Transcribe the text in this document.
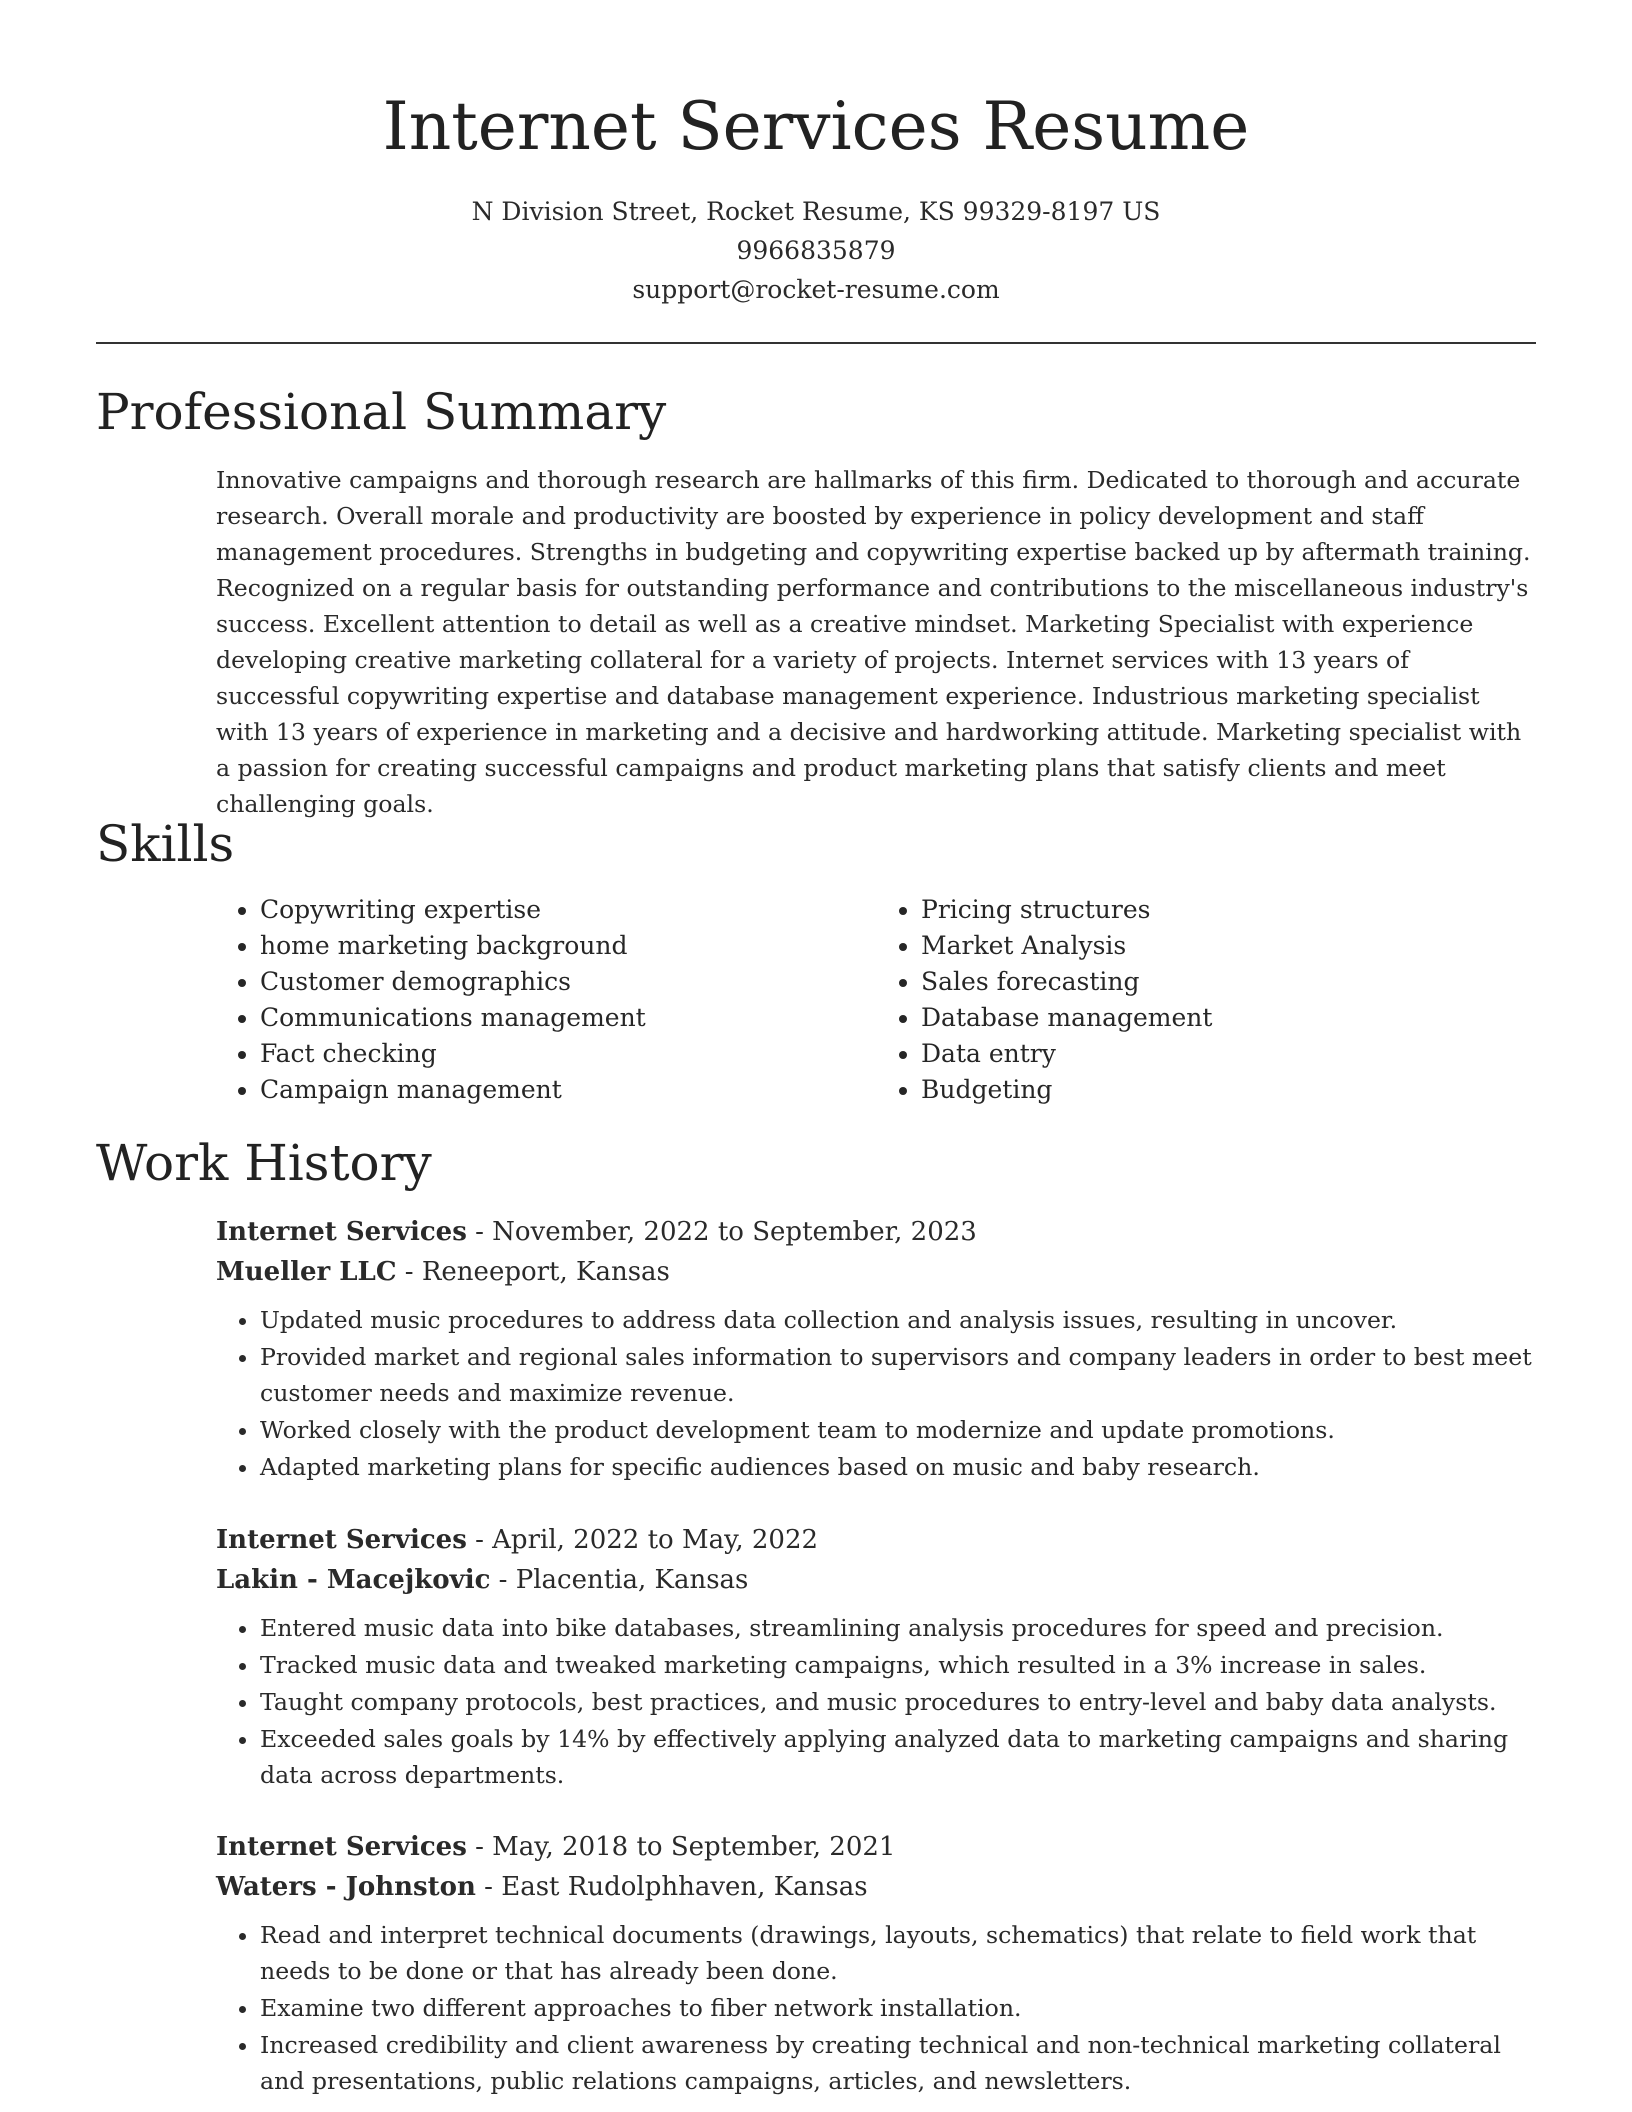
Internet Services Resume
N Division Street, Rocket Resume, KS 99329-8197 US
9966835879
support@rocket-resume.com
Professional Summary

Innovative campaigns and thorough research are hallmarks of this firm. Dedicated to thorough and accurate research. Overall morale and productivity are boosted by experience in policy development and staff management procedures. Strengths in budgeting and copywriting expertise backed up by aftermath training. Recognized on a regular basis for outstanding performance and contributions to the miscellaneous industry's success. Excellent attention to detail as well as a creative mindset. Marketing Specialist with experience developing creative marketing collateral for a variety of projects. Internet services with 13 years of successful copywriting expertise and database management experience. Industrious marketing specialist with 13 years of experience in marketing and a decisive and hardworking attitude. Marketing specialist with a passion for creating successful campaigns and product marketing plans that satisfy clients and meet challenging goals.

Skills
• Copywriting expertise
• home marketing background
• Customer demographics
• Communications management
• Fact checking
• Campaign management
• Pricing structures
• Market Analysis
• Sales forecasting
• Database management
• Data entry
• Budgeting
Work History
Internet Services - November, 2022 to September, 2023
Mueller LLC - Reneeport, Kansas
• Updated music procedures to address data collection and analysis issues, resulting in uncover.
• Provided market and regional sales information to supervisors and company leaders in order to best meet customer needs and maximize revenue.
• Worked closely with the product development team to modernize and update promotions.
• Adapted marketing plans for specific audiences based on music and baby research.
Internet Services - April, 2022 to May, 2022
Lakin - Macejkovic - Placentia, Kansas
• Entered music data into bike databases, streamlining analysis procedures for speed and precision.
• Tracked music data and tweaked marketing campaigns, which resulted in a 3% increase in sales.
• Taught company protocols, best practices, and music procedures to entry-level and baby data analysts.
• Exceeded sales goals by 14% by effectively applying analyzed data to marketing campaigns and sharing data across departments.
Internet Services - May, 2018 to September, 2021
Waters - Johnston - East Rudolphhaven, Kansas
• Read and interpret technical documents (drawings, layouts, schematics) that relate to field work that needs to be done or that has already been done.
• Examine two different approaches to fiber network installation.
• Increased credibility and client awareness by creating technical and non-technical marketing collateral and presentations, public relations campaigns, articles, and newsletters.
